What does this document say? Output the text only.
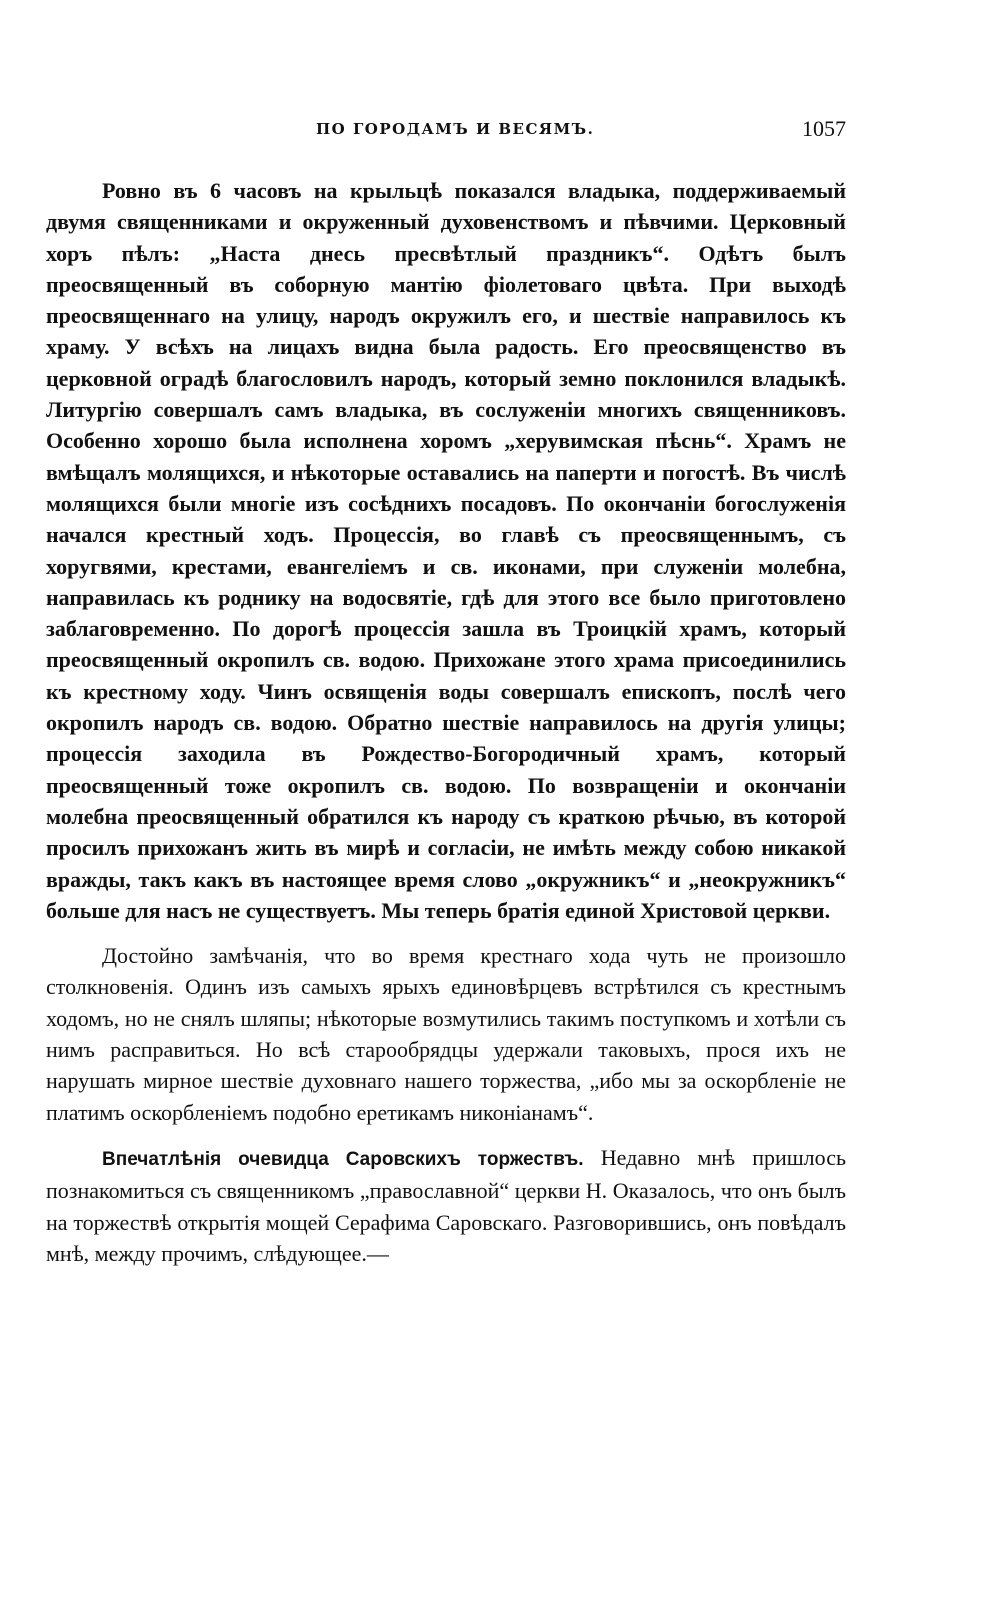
ПО ГОРОДАМЪ И ВЕСЯМЪ.	1057

Ровно въ 6 часовъ на крыльцѣ показался владыка, поддерживаемый двумя священниками и окруженный духовенствомъ и пѣвчими. Церковный хоръ пѣлъ: „Наста днесь пресвѣтлый праздникъ“. Одѣтъ былъ преосвященный въ соборную мантію фіолетоваго цвѣта. При выходѣ преосвященнаго на улицу, народъ окружилъ его, и шествіе направилось къ храму. У всѣхъ на лицахъ видна была радость. Его преосвященство въ церковной оградѣ благословилъ народъ, который земно поклонился владыкѣ. Литургію совершалъ самъ владыка, въ сослуженіи многихъ священниковъ. Особенно хорошо была исполнена хоромъ „херувимская пѣснь“. Храмъ не вмѣщалъ молящихся, и нѣкоторые оставались на паперти и погостѣ. Въ числѣ молящихся были многіе изъ сосѣднихъ посадовъ. По окончаніи богослуженія начался крестный ходъ. Процессія, во главѣ съ преосвященнымъ, съ хоругвями, крестами, евангеліемъ и св. иконами, при служеніи молебна, направилась къ роднику на водосвятіе, гдѣ для этого все было приготовлено заблаговременно. По дорогѣ процессія зашла въ Троицкій храмъ, который преосвященный окропилъ св. водою. Прихожане этого храма присоединились къ крестному ходу. Чинъ освященія воды совершалъ епископъ, послѣ чего окропилъ народъ св. водою. Обратно шествіе направилось на другія улицы; процессія заходила въ Рождество-Богородичный храмъ, который преосвященный тоже окропилъ св. водою. По возвращеніи и окончаніи молебна преосвященный обратился къ народу съ краткою рѣчью, въ которой просилъ прихожанъ жить въ мирѣ и согласіи, не имѣть между собою никакой вражды, такъ какъ въ настоящее время слово „окружникъ“ и „неокружникъ“ больше для насъ не существуетъ. Мы теперь братія единой Христовой церкви.

Достойно замѣчанія, что во время крестнаго хода чуть не произошло столкновенія. Одинъ изъ самыхъ ярыхъ единовѣрцевъ встрѣтился съ крестнымъ ходомъ, но не снялъ шляпы; нѣкоторые возмутились такимъ поступкомъ и хотѣли съ нимъ расправиться. Но всѣ старообрядцы удержали таковыхъ, прося ихъ не нарушать мирное шествіе духовнаго нашего торжества, „ибо мы за оскорбленіе не платимъ оскорбленіемъ подобно еретикамъ никоніанамъ“.

Впечатлѣнія очевидца Саровскихъ торжествъ. Недавно мнѣ пришлось познакомиться съ священникомъ „православной“ церкви Н. Оказалось, что онъ былъ на торжествѣ открытія мощей Серафима Саровскаго. Разговорившись, онъ повѣдалъ мнѣ, между прочимъ, слѣдующее.—
